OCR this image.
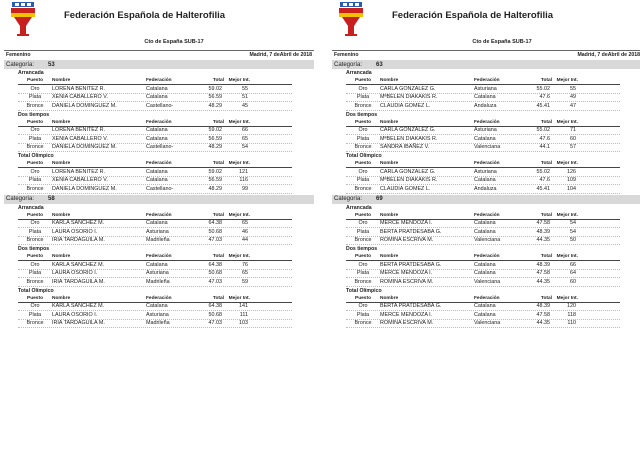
Federación Española de Halterofilia
Cto de España SUB-17
Femenino	Madrid, 7 deAbril de 2018
Categoría: 53
Arrancada
Puesto	Nombre	Federación	Total Mejor Int.
Oro	LORENA BENITEZ R.	Catalana	59.02	55
Plata	XENIA CABALLERO V.	Catalana	56.59	51
Bronce	DANIELA DOMINGUEZ M.	Castellano-	48.29	45
Dos tiempos
Puesto	Nombre	Federación	Total Mejor Int.
Oro	LORENA BENITEZ R.	Catalana	59.02	66
Plata	XENIA CABALLERO V.	Catalana	56.59	65
Bronce	DANIELA DOMINGUEZ M.	Castellano-	48.29	54
Total Olímpico
Puesto	Nombre	Federación	Total Mejor Int.
Oro	LORENA BENITEZ R.	Catalana	59.02	121
Plata	XENIA CABALLERO V.	Catalana	56.59	116
Bronce	DANIELA DOMINGUEZ M.	Castellano-	48.29	99
Categoría: 58
Arrancada
Puesto	Nombre	Federación	Total Mejor Int.
Oro	KARLA SANCHEZ M.	Catalana	64.38	65
Plata	LAURA OSORIO I.	Asturiana	50.68	46
Bronce	IRIA TARDAGUILA M.	Madrileña	47.03	44
Dos tiempos
Puesto	Nombre	Federación	Total Mejor Int.
Oro	KARLA SANCHEZ M.	Catalana	64.38	76
Plata	LAURA OSORIO I.	Asturiana	50.68	65
Bronce	IRIA TARDAGUILA M.	Madrileña	47.03	59
Total Olímpico
Puesto	Nombre	Federación	Total Mejor Int.
Oro	KARLA SANCHEZ M.	Catalana	64.38	141
Plata	LAURA OSORIO I.	Asturiana	50.68	111
Bronce	IRIA TARDAGUILA M.	Madrileña	47.03	103
Federación Española de Halterofilia
Cto de España SUB-17
Femenino	Madrid, 7 deAbril de 2018
Categoría: 63
Arrancada
Puesto	Nombre	Federación	Total Mejor Int.
Oro	CARLA GONZALEZ G.	Asturiana	55.02	55
Plata	MªBELEN DIAKAKIS R.	Catalana	47.6	49
Bronce	CLAUDIA GOMEZ L.	Andaluza	45.41	47
Dos tiempos
Puesto	Nombre	Federación	Total Mejor Int.
Oro	CARLA GONZALEZ G.	Asturiana	55.02	71
Plata	MªBELEN DIAKAKIS R.	Catalana	47.6	60
Bronce	SANDRA IBAÑEZ V.	Valenciana	44.1	57
Total Olímpico
Puesto	Nombre	Federación	Total Mejor Int.
Oro	CARLA GONZALEZ G.	Asturiana	55.02	126
Plata	MªBELEN DIAKAKIS R.	Catalana	47.6	109
Bronce	CLAUDIA GOMEZ L.	Andaluza	45.41	104
Categoría: 69
Arrancada
Puesto	Nombre	Federación	Total Mejor Int.
Oro	MERCE MENDOZA I.	Catalana	47.58	54
Plata	BERTA PRATDESABA G.	Catalana	48.39	54
Bronce	ROMINA ESCRIVA M.	Valenciana	44.35	50
Dos tiempos
Puesto	Nombre	Federación	Total Mejor Int.
Oro	BERTA PRATDESABA G.	Catalana	48.39	66
Plata	MERCE MENDOZA I.	Catalana	47.58	64
Bronce	ROMINA ESCRIVA M.	Valenciana	44.35	60
Total Olímpico
Puesto	Nombre	Federación	Total Mejor Int.
Oro	BERTA PRATDESABA G.	Catalana	48.39	120
Plata	MERCE MENDOZA I.	Catalana	47.58	118
Bronce	ROMINA ESCRIVA M.	Valenciana	44.35	110
